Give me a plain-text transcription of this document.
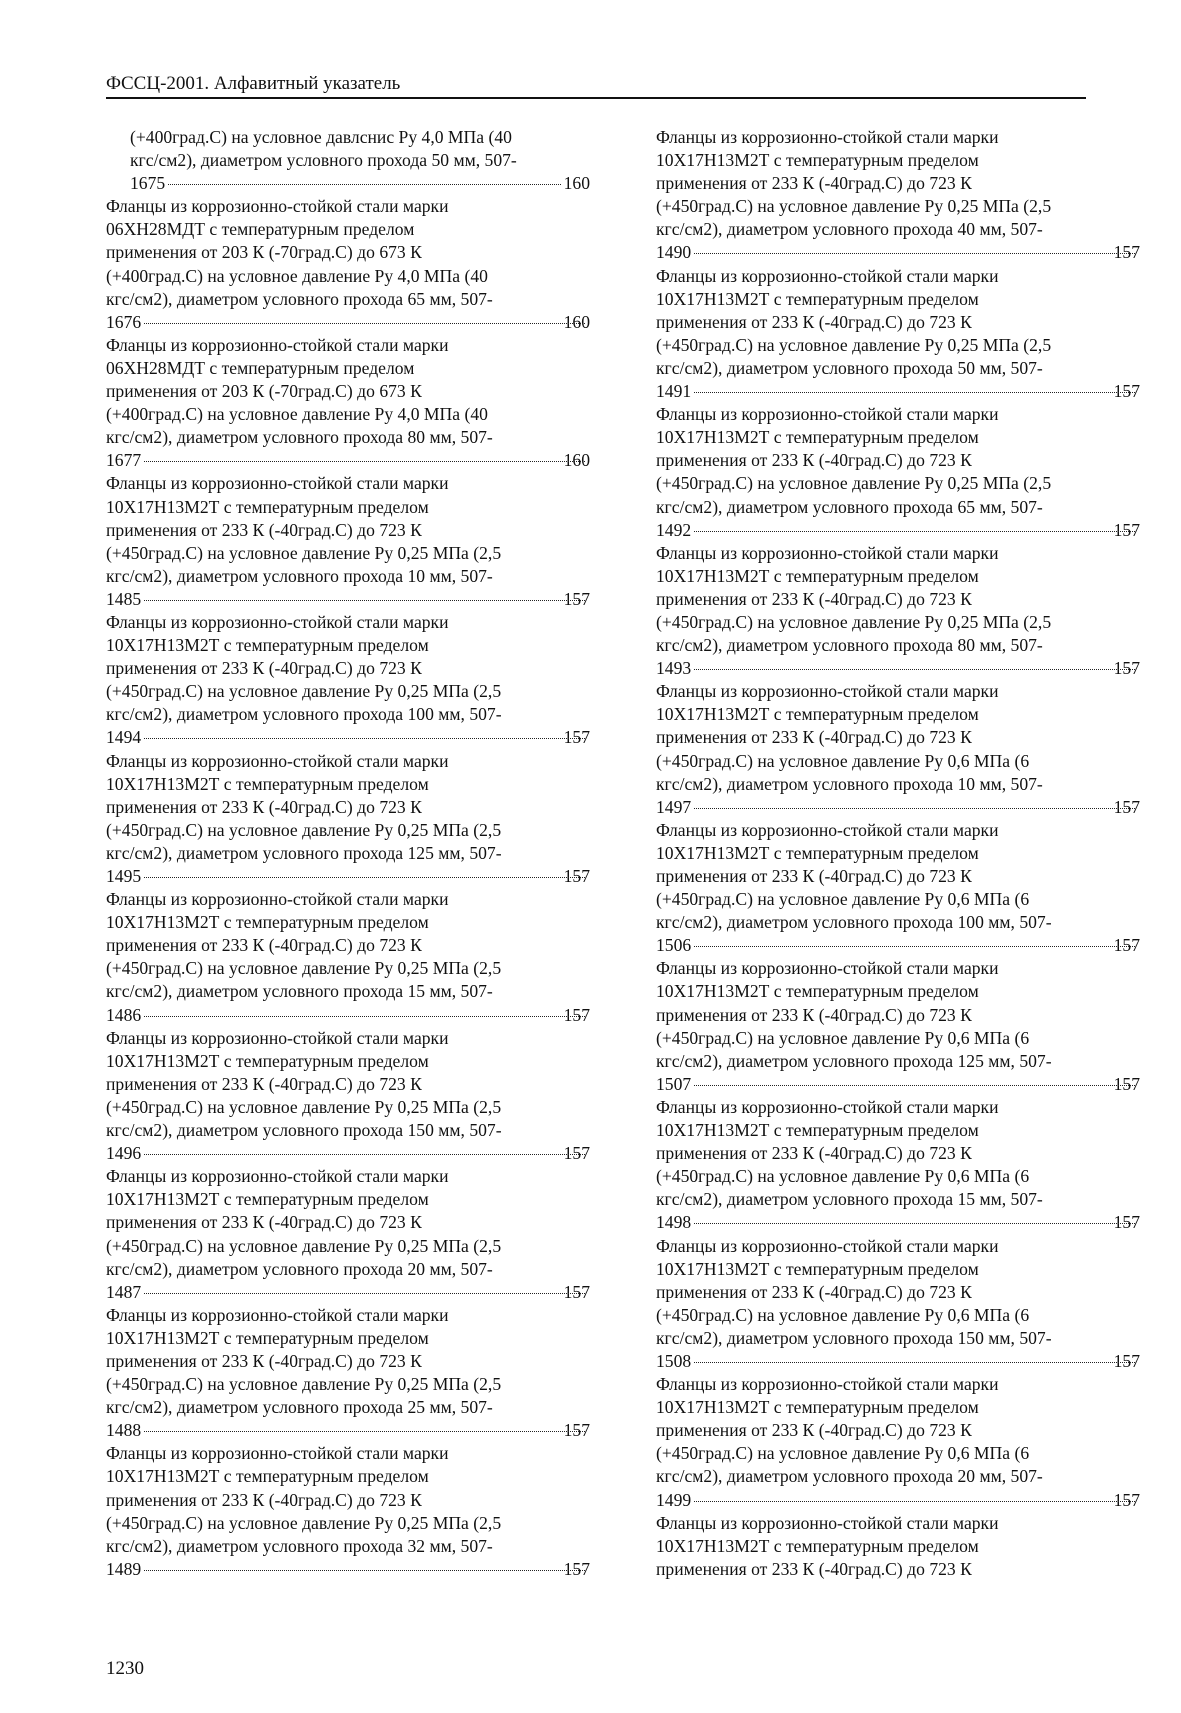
ФССЦ-2001. Алфавитный указатель
(+400град.С) на условное давлснис Ру 4,0 МПа (40
кгс/см2), диаметром условного прохода 50 мм, 507-
1675	160
Фланцы из коррозионно-стойкой стали марки
06ХН28МДТ с температурным пределом
применения от 203 К (-70град.С) до 673 К
(+400град.С) на условное давление Ру 4,0 МПа (40
кгс/см2), диаметром условного прохода 65 мм, 507-
1676	160
Фланцы из коррозионно-стойкой стали марки
06ХН28МДТ с температурным пределом
применения от 203 К (-70град.С) до 673 К
(+400град.С) на условное давление Ру 4,0 МПа (40
кгс/см2), диаметром условного прохода 80 мм, 507-
1677	160
Фланцы из коррозионно-стойкой стали марки
10Х17Н13М2Т с температурным пределом
применения от 233 К (-40град.С) до 723 К
(+450град.С) на условное давление Ру 0,25 МПа (2,5
кгс/см2), диаметром условного прохода 10 мм, 507-
1485	157
Фланцы из коррозионно-стойкой стали марки
10Х17Н13М2Т с температурным пределом
применения от 233 К (-40град.С) до 723 К
(+450град.С) на условное давление Ру 0,25 МПа (2,5
кгс/см2), диаметром условного прохода 100 мм, 507-
1494	157
Фланцы из коррозионно-стойкой стали марки
10Х17Н13М2Т с температурным пределом
применения от 233 К (-40град.С) до 723 К
(+450град.С) на условное давление Ру 0,25 МПа (2,5
кгс/см2), диаметром условного прохода 125 мм, 507-
1495	157
Фланцы из коррозионно-стойкой стали марки
10Х17Н13М2Т с температурным пределом
применения от 233 К (-40град.С) до 723 К
(+450град.С) на условное давление Ру 0,25 МПа (2,5
кгс/см2), диаметром условного прохода 15 мм, 507-
1486	157
Фланцы из коррозионно-стойкой стали марки
10Х17Н13М2Т с температурным пределом
применения от 233 К (-40град.С) до 723 К
(+450град.С) на условное давление Ру 0,25 МПа (2,5
кгс/см2), диаметром условного прохода 150 мм, 507-
1496	157
Фланцы из коррозионно-стойкой стали марки
10Х17Н13М2Т с температурным пределом
применения от 233 К (-40град.С) до 723 К
(+450град.С) на условное давление Ру 0,25 МПа (2,5
кгс/см2), диаметром условного прохода 20 мм, 507-
1487	157
Фланцы из коррозионно-стойкой стали марки
10Х17Н13М2Т с температурным пределом
применения от 233 К (-40град.С) до 723 К
(+450град.С) на условное давление Ру 0,25 МПа (2,5
кгс/см2), диаметром условного прохода 25 мм, 507-
1488	157
Фланцы из коррозионно-стойкой стали марки
10Х17Н13М2Т с температурным пределом
применения от 233 К (-40град.С) до 723 К
(+450град.С) на условное давление Ру 0,25 МПа (2,5
кгс/см2), диаметром условного прохода 32 мм, 507-
1489	157
Фланцы из коррозионно-стойкой стали марки
10Х17Н13М2Т с температурным пределом
применения от 233 К (-40град.С) до 723 К
(+450град.С) на условное давление Ру 0,25 МПа (2,5
кгс/см2), диаметром условного прохода 40 мм, 507-
1490	157
Фланцы из коррозионно-стойкой стали марки
10Х17Н13М2Т с температурным пределом
применения от 233 К (-40град.С) до 723 К
(+450град.С) на условное давление Ру 0,25 МПа (2,5
кгс/см2), диаметром условного прохода 50 мм, 507-
1491	157
Фланцы из коррозионно-стойкой стали марки
10Х17Н13М2Т с температурным пределом
применения от 233 К (-40град.С) до 723 К
(+450град.С) на условное давление Ру 0,25 МПа (2,5
кгс/см2), диаметром условного прохода 65 мм, 507-
1492	157
Фланцы из коррозионно-стойкой стали марки
10Х17Н13М2Т с температурным пределом
применения от 233 К (-40град.С) до 723 К
(+450град.С) на условное давление Ру 0,25 МПа (2,5
кгс/см2), диаметром условного прохода 80 мм, 507-
1493	157
Фланцы из коррозионно-стойкой стали марки
10Х17Н13М2Т с температурным пределом
применения от 233 К (-40град.С) до 723 К
(+450град.С) на условное давление Ру 0,6 МПа (6
кгс/см2), диаметром условного прохода 10 мм, 507-
1497	157
Фланцы из коррозионно-стойкой стали марки
10Х17Н13М2Т с температурным пределом
применения от 233 К (-40град.С) до 723 К
(+450град.С) на условное давление Ру 0,6 МПа (6
кгс/см2), диаметром условного прохода 100 мм, 507-
1506	157
Фланцы из коррозионно-стойкой стали марки
10Х17Н13М2Т с температурным пределом
применения от 233 К (-40град.С) до 723 К
(+450град.С) на условное давление Ру 0,6 МПа (6
кгс/см2), диаметром условного прохода 125 мм, 507-
1507	157
Фланцы из коррозионно-стойкой стали марки
10Х17Н13М2Т с температурным пределом
применения от 233 К (-40град.С) до 723 К
(+450град.С) на условное давление Ру 0,6 МПа (6
кгс/см2), диаметром условного прохода 15 мм, 507-
1498	157
Фланцы из коррозионно-стойкой стали марки
10Х17Н13М2Т с температурным пределом
применения от 233 К (-40град.С) до 723 К
(+450град.С) на условное давление Ру 0,6 МПа (6
кгс/см2), диаметром условного прохода 150 мм, 507-
1508	157
Фланцы из коррозионно-стойкой стали марки
10Х17Н13М2Т с температурным пределом
применения от 233 К (-40град.С) до 723 К
(+450град.С) на условное давление Ру 0,6 МПа (6
кгс/см2), диаметром условного прохода 20 мм, 507-
1499	157
Фланцы из коррозионно-стойкой стали марки
10Х17Н13М2Т с температурным пределом
применения от 233 К (-40град.С) до 723 К
1230
